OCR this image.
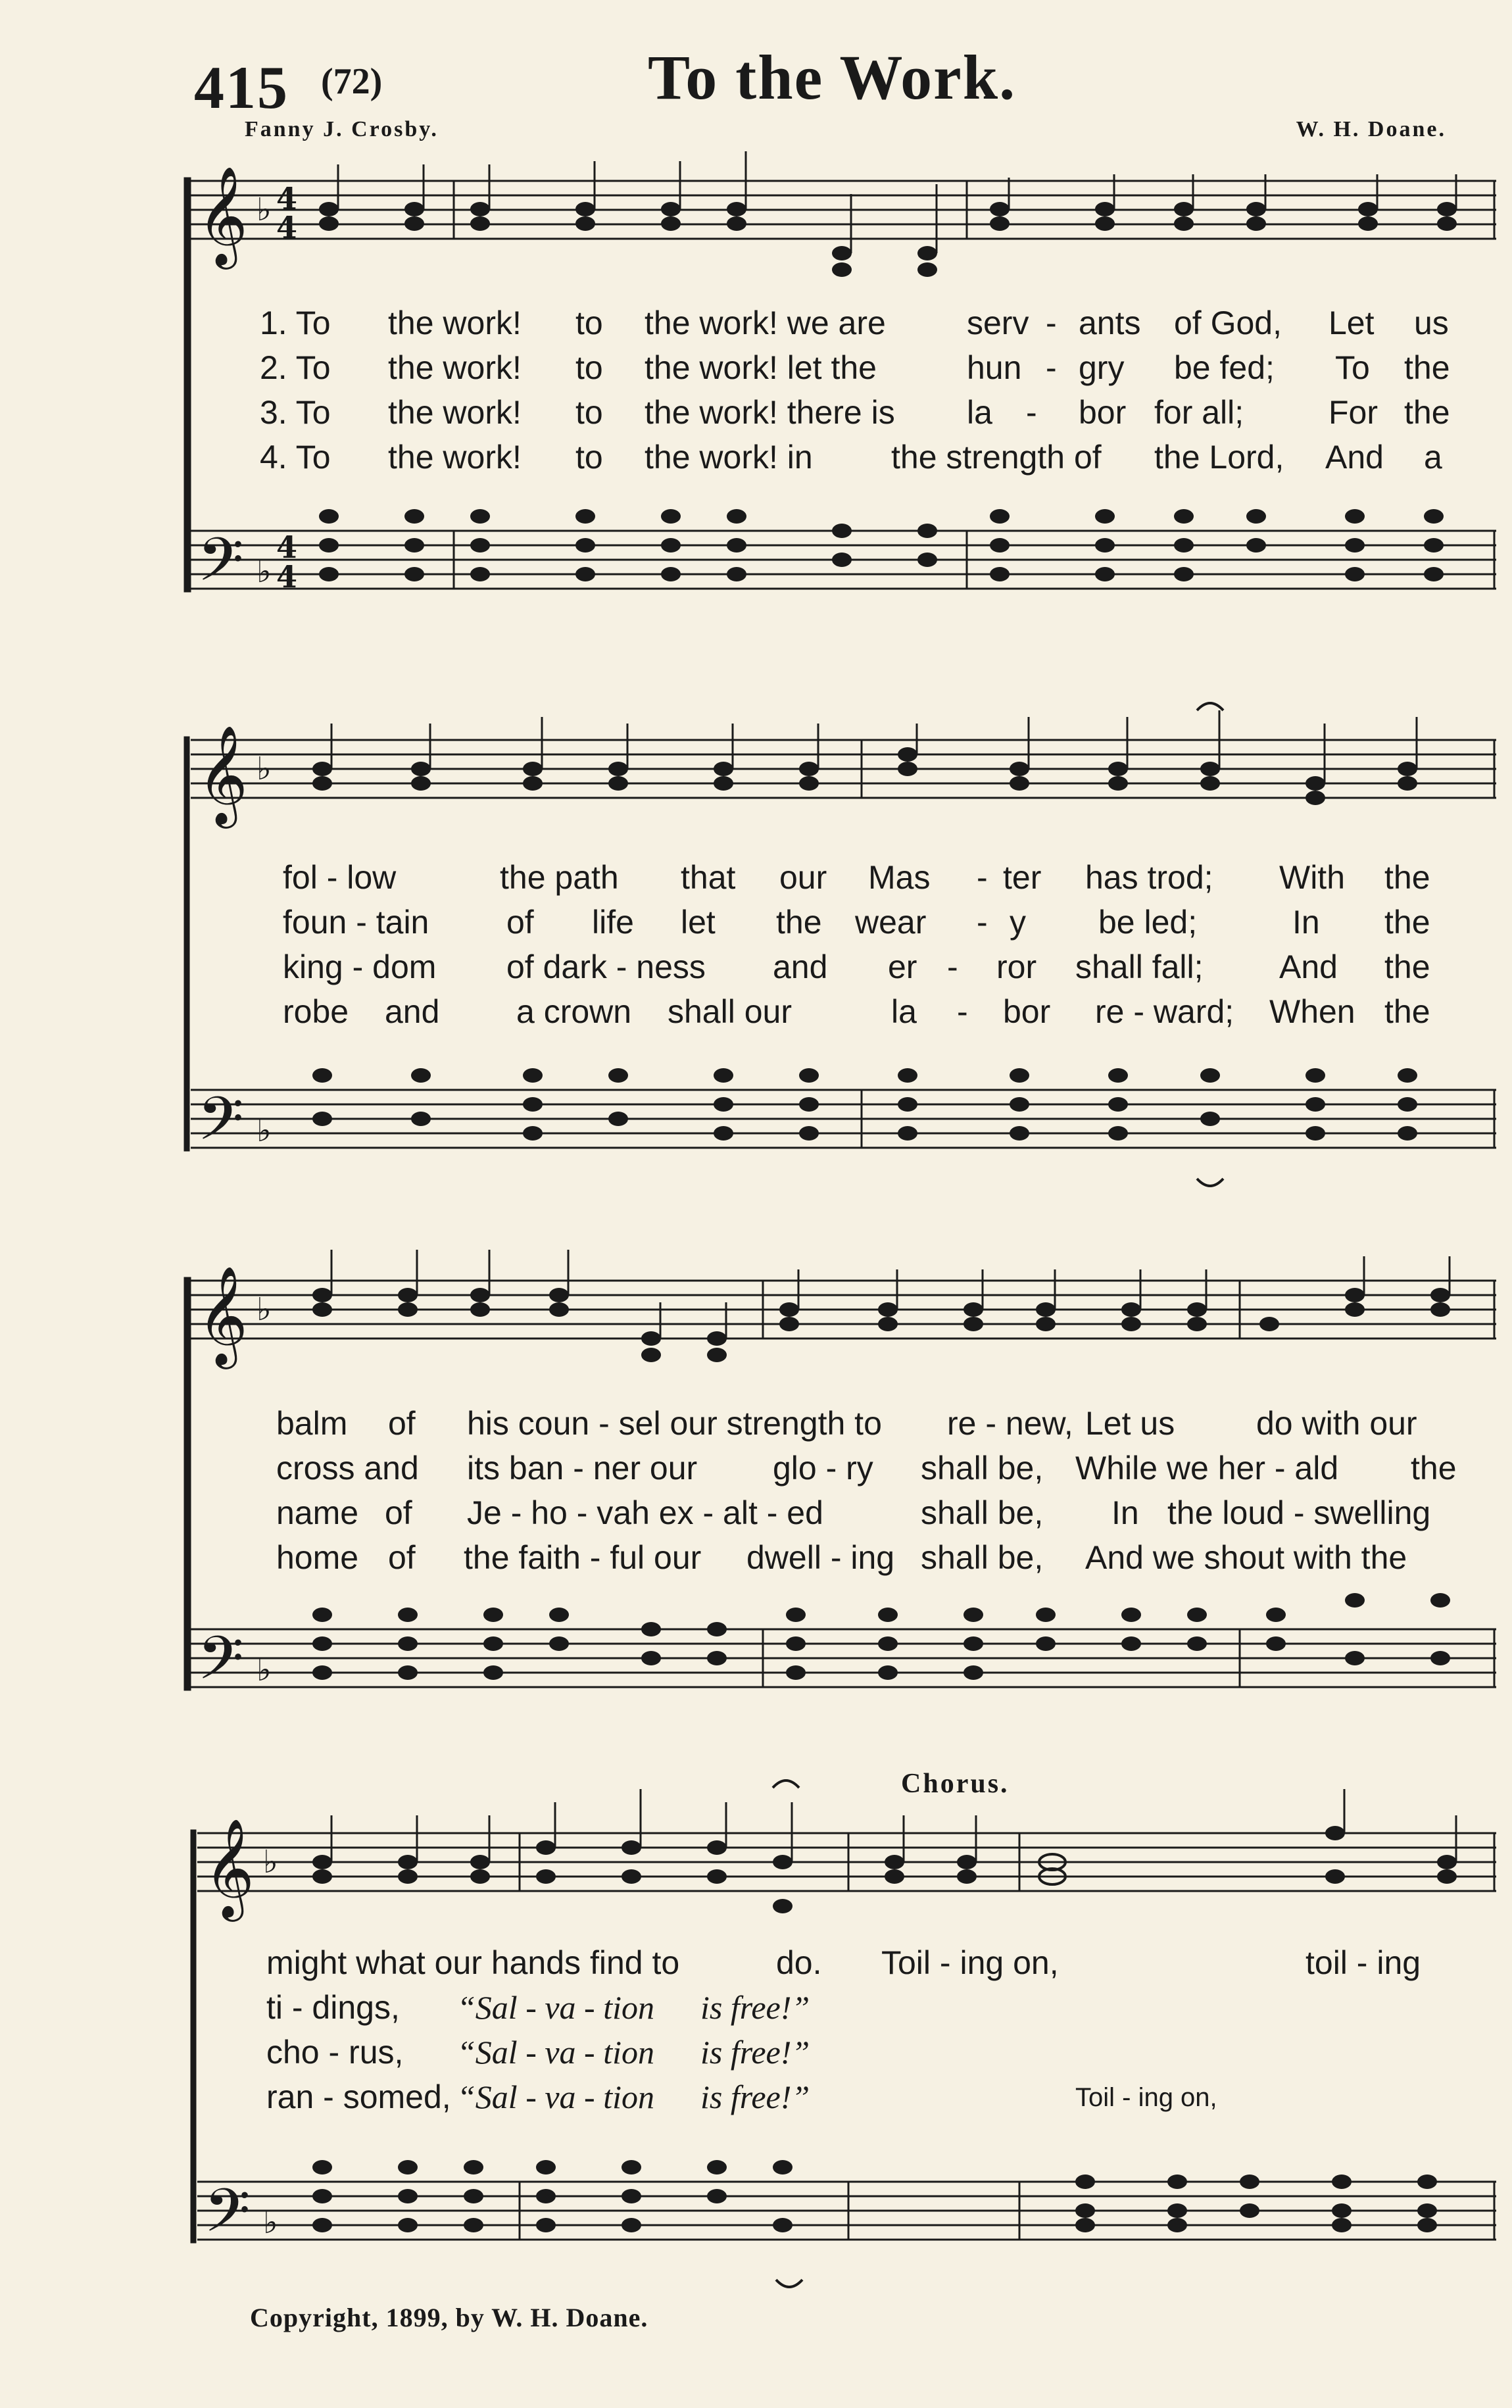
415 (72)	To the Work.
Fanny J. Crosby.	W. H. Doane.
𝄞
𝄢
𝄞
𝄢
𝄞
𝄢
𝄞
𝄢
♭ 4
4
♭
4
4
♭
♭
♭
♭
♭
♭
1. To the work! to the work! we are serv - ants of God, Let us
2. To the work! to the work! let the	hun - gry be fed; To the
3. To the work! to the work! there is la - bor for all;	For the
4. To the work! to the work! in the strength of the Lord, And a
fol - low	the path that our Mas - ter has trod; With the
foun - tain of life let the wear - y be led;	In the
king - dom of dark - ness and er - ror shall fall; And the
robe and a crown shall our	la - bor re - ward; When the
balm of his coun - sel our strength to re - new, Let us do with our
cross and its ban - ner our glo - ry shall be, While we her - ald the
name of Je - ho - vah ex - alt - ed	shall be, In the loud - swelling
home of the faith - ful our dwell - ing shall be, And we shout with the
Chorus.
might what our hands find to	do. Toil - ing on,	toil - ing
ti - dings, “Sal - va - tion is free!”
cho - rus, “Sal - va - tion is free!”
ran - somed, “Sal - va - tion is free!”	Toil - ing on,
Copyright, 1899, by W. H. Doane.
